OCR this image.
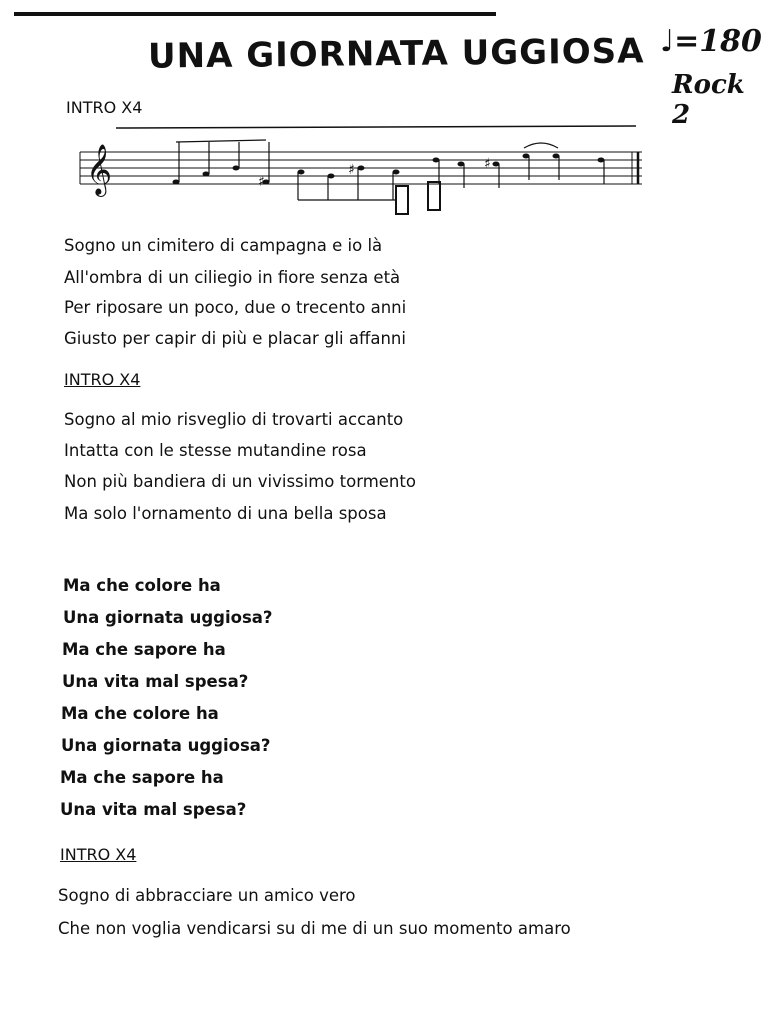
UNA GIORNATA UGGIOSA ♩=180
Rock 2
INTRO X4
𝄞	♯
♯	♯
Sogno un cimitero di campagna e io là
All'ombra di un ciliegio in fiore senza età
Per riposare un poco, due o trecento anni
Giusto per capir di più e placar gli affanni
INTRO X4
Sogno al mio risveglio di trovarti accanto
Intatta con le stesse mutandine rosa
Non più bandiera di un vivissimo tormento
Ma solo l'ornamento di una bella sposa
Ma che colore ha
Una giornata uggiosa?
Ma che sapore ha
Una vita mal spesa?
Ma che colore ha
Una giornata uggiosa?
Ma che sapore ha
Una vita mal spesa?
INTRO X4
Sogno di abbracciare un amico vero
Che non voglia vendicarsi su di me di un suo momento amaro
